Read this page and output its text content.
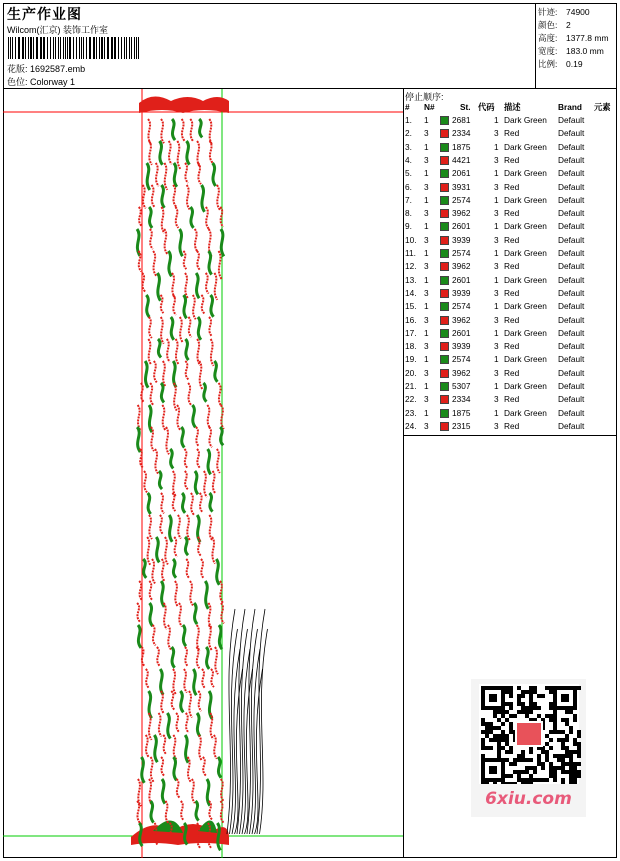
生产作业图
Wilcom(汇京) 装饰工作室
花版: 1692587.emb
色位: Colorway 1
针迹: 74900
颜色: 2
高度: 1377.8 mm
宽度: 183.0 mm
比例: 0.19
停止顺序:
# N#	St. 代码 描述	Brand 元素
1. 1	2681	1 Dark Green Default
2. 3	2334	3 Red	Default
3. 1	1875	1 Dark Green Default
4. 3	4421	3 Red	Default
5. 1	2061	1 Dark Green Default
6. 3	3931	3 Red	Default
7. 1	2574	1 Dark Green Default
8. 3	3962	3 Red	Default
9. 1	2601	1 Dark Green Default
10. 3	3939	3 Red	Default
11. 1	2574	1 Dark Green Default
12. 3	3962	3 Red	Default
13. 1	2601	1 Dark Green Default
14. 3	3939	3 Red	Default
15. 1	2574	1 Dark Green Default
16. 3	3962	3 Red	Default
17. 1	2601	1 Dark Green Default
18. 3	3939	3 Red	Default
19. 1	2574	1 Dark Green Default
20. 3	3962	3 Red	Default
21. 1	5307	1 Dark Green Default
22. 3	2334	3 Red	Default
23. 1	1875	1 Dark Green Default
24. 3	2315	3 Red	Default
6xiu.com
